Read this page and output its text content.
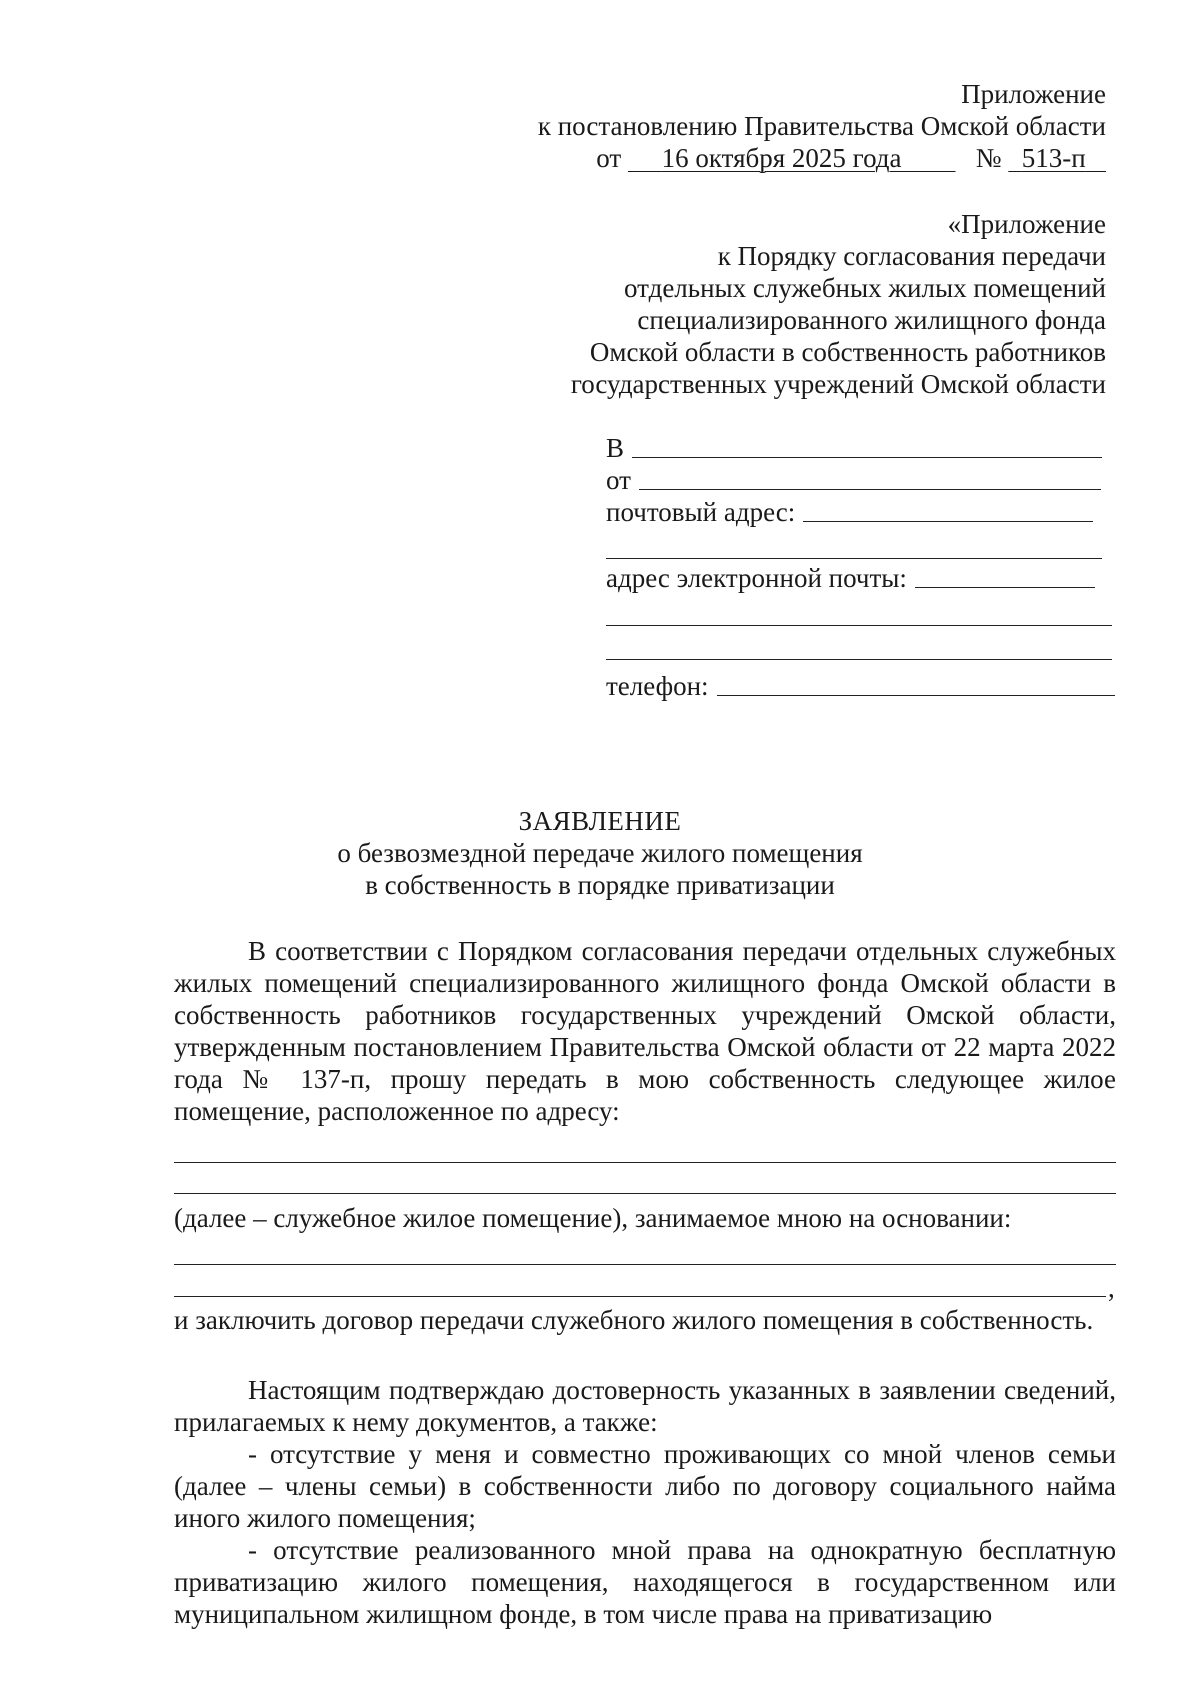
Приложение
к постановлению Правительства Омской области
от 16 октября 2025 года	№ 513-п
«Приложение
к Порядку согласования передачи
отдельных служебных жилых помещений
специализированного жилищного фонда
Омской области в собственность работников
государственных учреждений Омской области
В
от
почтовый адрес:
адрес электронной почты:
телефон:
ЗАЯВЛЕНИЕ
о безвозмездной передаче жилого помещения
в собственность в порядке приватизации

В соответствии с Порядком согласования передачи отдельных служебных жилых помещений специализированного жилищного фонда Омской области в собственность работников государственных учреждений Омской области, утвержденным постановлением Правительства Омской области от 22 марта 2022 года № 137-п, прошу передать в мою собственность следующее жилое помещение, расположенное по адресу:

(далее – служебное жилое помещение), занимаемое мною на основании:
,

и заключить договор передачи служебного жилого помещения в собственность.

Настоящим подтверждаю достоверность указанных в заявлении сведений, прилагаемых к нему документов, а также:

- отсутствие у меня и совместно проживающих со мной членов семьи (далее – члены семьи) в собственности либо по договору социального найма иного жилого помещения;

- отсутствие реализованного мной права на однократную бесплатную приватизацию жилого помещения, находящегося в государственном или муниципальном жилищном фонде, в том числе права на приватизацию
